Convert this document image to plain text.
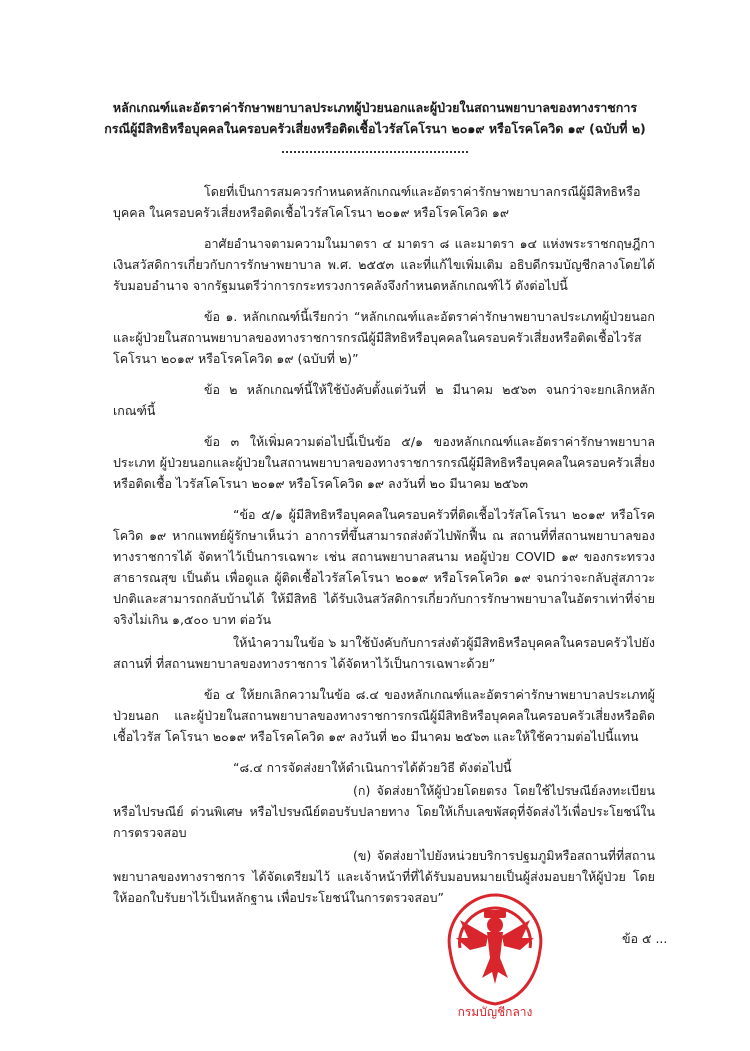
หลักเกณฑ์และอัตราค่ารักษาพยาบาลประเภทผู้ป่วยนอกและผู้ป่วยในสถานพยาบาลของทางราชการ
กรณีผู้มีสิทธิหรือบุคคลในครอบครัวเสี่ยงหรือติดเชื้อไวรัสโคโรนา ๒๐๑๙ หรือโรคโควิด ๑๙ (ฉบับที่ ๒)

โดยที่เป็นการสมควรกำหนดหลักเกณฑ์และอัตราค่ารักษาพยาบาลกรณีผู้มีสิทธิหรือบุคคล ในครอบครัวเสี่ยงหรือติดเชื้อไวรัสโคโรนา ๒๐๑๙ หรือโรคโควิด ๑๙

อาศัยอำนาจตามความในมาตรา ๔ มาตรา ๘ และมาตรา ๑๔ แห่งพระราชกฤษฎีกา เงินสวัสดิการเกี่ยวกับการรักษาพยาบาล พ.ศ. ๒๕๕๓ และที่แก้ไขเพิ่มเติม อธิบดีกรมบัญชีกลางโดยได้รับมอบอำนาจ จากรัฐมนตรีว่าการกระทรวงการคลังจึงกำหนดหลักเกณฑ์ไว้ ดังต่อไปนี้

ข้อ ๑. หลักเกณฑ์นี้เรียกว่า “หลักเกณฑ์และอัตราค่ารักษาพยาบาลประเภทผู้ป่วยนอก และผู้ป่วยในสถานพยาบาลของทางราชการกรณีผู้มีสิทธิหรือบุคคลในครอบครัวเสี่ยงหรือติดเชื้อไวรัสโคโรนา ๒๐๑๙ หรือโรคโควิด ๑๙ (ฉบับที่ ๒)”

ข้อ ๒ หลักเกณฑ์นี้ให้ใช้บังคับตั้งแต่วันที่ ๒ มีนาคม ๒๕๖๓ จนกว่าจะยกเลิกหลักเกณฑ์นี้

ข้อ ๓ ให้เพิ่มความต่อไปนี้เป็นข้อ ๕/๑ ของหลักเกณฑ์และอัตราค่ารักษาพยาบาลประเภท ผู้ป่วยนอกและผู้ป่วยในสถานพยาบาลของทางราชการกรณีผู้มีสิทธิหรือบุคคลในครอบครัวเสี่ยงหรือติดเชื้อ ไวรัสโคโรนา ๒๐๑๙ หรือโรคโควิด ๑๙ ลงวันที่ ๒๐ มีนาคม ๒๕๖๓

“ข้อ ๕/๑ ผู้มีสิทธิหรือบุคคลในครอบครัวที่ติดเชื้อไวรัสโคโรนา ๒๐๑๙ หรือโรคโควิด ๑๙ หากแพทย์ผู้รักษาเห็นว่า อาการที่ขึ้นสามารถส่งตัวไปพักฟื้น ณ สถานที่ที่สถานพยาบาลของทางราชการได้ จัดหาไว้เป็นการเฉพาะ เช่น สถานพยาบาลสนาม หอผู้ป่วย COVID ๑๙ ของกระทรวงสาธารณสุข เป็นต้น เพื่อดูแล ผู้ติดเชื้อไวรัสโคโรนา ๒๐๑๙ หรือโรคโควิด ๑๙ จนกว่าจะกลับสู่สภาวะปกติและสามารถกลับบ้านได้ ให้มีสิทธิ ได้รับเงินสวัสดิการเกี่ยวกับการรักษาพยาบาลในอัตราเท่าที่จ่ายจริงไม่เกิน ๑,๕๐๐ บาท ต่อวัน

ให้นำความในข้อ ๖ มาใช้บังคับกับการส่งตัวผู้มีสิทธิหรือบุคคลในครอบครัวไปยังสถานที่ ที่สถานพยาบาลของทางราชการ ได้จัดหาไว้เป็นการเฉพาะด้วย”

ข้อ ๔ ให้ยกเลิกความในข้อ ๘.๔ ของหลักเกณฑ์และอัตราค่ารักษาพยาบาลประเภทผู้ป่วยนอก และผู้ป่วยในสถานพยาบาลของทางราชการกรณีผู้มีสิทธิหรือบุคคลในครอบครัวเสี่ยงหรือติดเชื้อไวรัส โคโรนา ๒๐๑๙ หรือโรคโควิด ๑๙ ลงวันที่ ๒๐ มีนาคม ๒๕๖๓ และให้ใช้ความต่อไปนี้แทน

“๘.๔ การจัดส่งยาให้ดำเนินการได้ด้วยวิธี ดังต่อไปนี้

(ก) จัดส่งยาให้ผู้ป่วยโดยตรง โดยใช้ไปรษณีย์ลงทะเบียน หรือไปรษณีย์ ด่วนพิเศษ หรือไปรษณีย์ตอบรับปลายทาง โดยให้เก็บเลขพัสดุที่จัดส่งไว้เพื่อประโยชน์ในการตรวจสอบ

(ข) จัดส่งยาไปยังหน่วยบริการปฐมภูมิหรือสถานที่ที่สถานพยาบาลของทางราชการ ได้จัดเตรียมไว้ และเจ้าหน้าที่ที่ได้รับมอบหมายเป็นผู้ส่งมอบยาให้ผู้ป่วย โดยให้ออกใบรับยาไว้เป็นหลักฐาน เพื่อประโยชน์ในการตรวจสอบ”

กรมบัญชีกลาง
ข้อ ๕ ...
